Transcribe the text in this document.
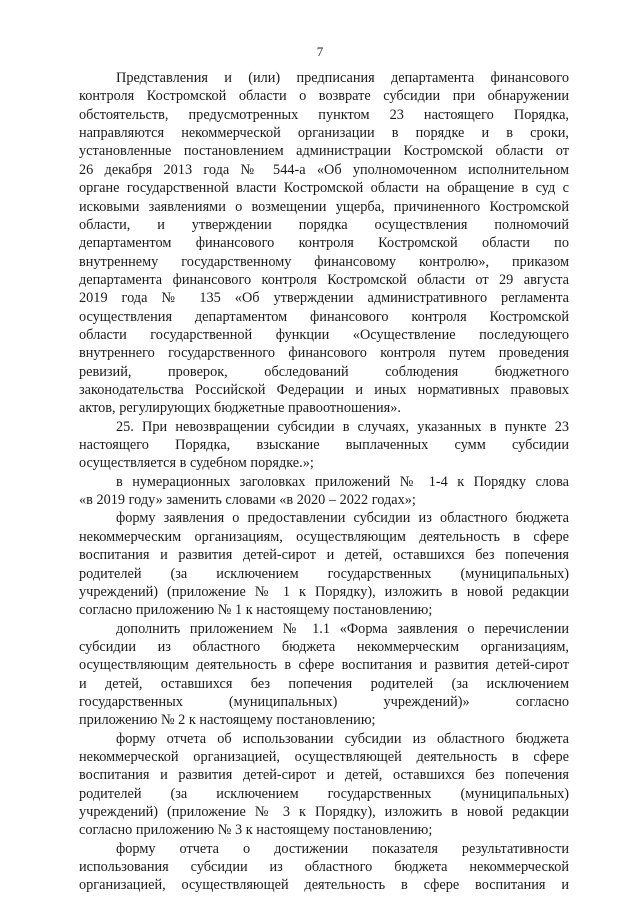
7
Представления и (или) предписания департамента финансового
контроля Костромской области о возврате субсидии при обнаружении
обстоятельств, предусмотренных пунктом 23 настоящего Порядка,
направляются некоммерческой организации в порядке и в сроки,
установленные постановлением администрации Костромской области от
26 декабря 2013 года № 544-а «Об уполномоченном исполнительном
органе государственной власти Костромской области на обращение в суд с
исковыми заявлениями о возмещении ущерба, причиненного Костромской
области, и утверждении порядка осуществления полномочий
департаментом финансового контроля Костромской области по
внутреннему государственному финансовому контролю», приказом
департамента финансового контроля Костромской области от 29 августа
2019 года № 135 «Об утверждении административного регламента
осуществления департаментом финансового контроля Костромской
области государственной функции «Осуществление последующего
внутреннего государственного финансового контроля путем проведения
ревизий, проверок, обследований соблюдения бюджетного
законодательства Российской Федерации и иных нормативных правовых
актов, регулирующих бюджетные правоотношения».
25. При невозвращении субсидии в случаях, указанных в пункте 23
настоящего Порядка, взыскание выплаченных сумм субсидии
осуществляется в судебном порядке.»;
в нумерационных заголовках приложений № 1-4 к Порядку слова
«в 2019 году» заменить словами «в 2020 – 2022 годах»;
форму заявления о предоставлении субсидии из областного бюджета
некоммерческим организациям, осуществляющим деятельность в сфере
воспитания и развития детей-сирот и детей, оставшихся без попечения
родителей (за исключением государственных (муниципальных)
учреждений) (приложение № 1 к Порядку), изложить в новой редакции
согласно приложению № 1 к настоящему постановлению;
дополнить приложением № 1.1 «Форма заявления о перечислении
субсидии из областного бюджета некоммерческим организациям,
осуществляющим деятельность в сфере воспитания и развития детей-сирот
и детей, оставшихся без попечения родителей (за исключением
государственных (муниципальных) учреждений)» согласно
приложению № 2 к настоящему постановлению;
форму отчета об использовании субсидии из областного бюджета
некоммерческой организацией, осуществляющей деятельность в сфере
воспитания и развития детей-сирот и детей, оставшихся без попечения
родителей (за исключением государственных (муниципальных)
учреждений) (приложение № 3 к Порядку), изложить в новой редакции
согласно приложению № 3 к настоящему постановлению;
форму отчета о достижении показателя результативности
использования субсидии из областного бюджета некоммерческой
организацией, осуществляющей деятельность в сфере воспитания и
